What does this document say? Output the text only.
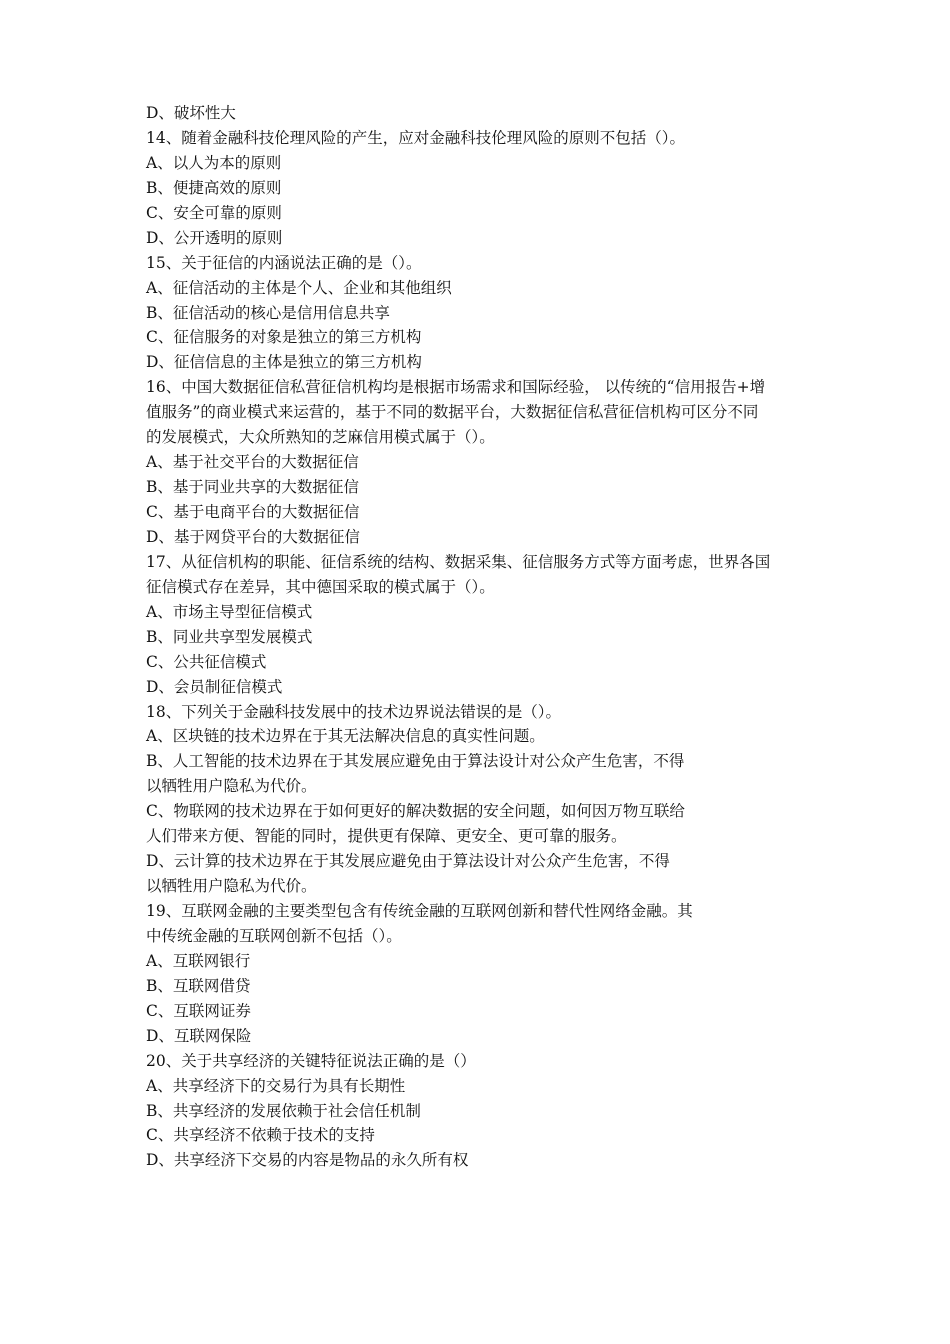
D、破坏性大
14、随着金融科技伦理风险的产生，应对金融科技伦理风险的原则不包括（）。
A、以人为本的原则
B、便捷高效的原则
C、安全可靠的原则
D、公开透明的原则
15、关于征信的内涵说法正确的是（）。
A、征信活动的主体是个人、企业和其他组织
B、征信活动的核心是信用信息共享
C、征信服务的对象是独立的第三方机构
D、征信信息的主体是独立的第三方机构
16、中国大数据征信私营征信机构均是根据市场需求和国际经验， 以传统的“信用报告+增
值服务”的商业模式来运营的，基于不同的数据平台，大数据征信私营征信机构可区分不同
的发展模式，大众所熟知的芝麻信用模式属于（）。
A、基于社交平台的大数据征信
B、基于同业共享的大数据征信
C、基于电商平台的大数据征信
D、基于网贷平台的大数据征信
17、从征信机构的职能、征信系统的结构、数据采集、征信服务方式等方面考虑，世界各国
征信模式存在差异，其中德国采取的模式属于（）。
A、市场主导型征信模式
B、同业共享型发展模式
C、公共征信模式
D、会员制征信模式
18、下列关于金融科技发展中的技术边界说法错误的是（）。
A、区块链的技术边界在于其无法解决信息的真实性问题。
B、人工智能的技术边界在于其发展应避免由于算法设计对公众产生危害，不得
以牺牲用户隐私为代价。
C、物联网的技术边界在于如何更好的解决数据的安全问题，如何因万物互联给
人们带来方便、智能的同时，提供更有保障、更安全、更可靠的服务。
D、云计算的技术边界在于其发展应避免由于算法设计对公众产生危害，不得
以牺牲用户隐私为代价。
19、互联网金融的主要类型包含有传统金融的互联网创新和替代性网络金融。其
中传统金融的互联网创新不包括（）。
A、互联网银行
B、互联网借贷
C、互联网证券
D、互联网保险
20、关于共享经济的关键特征说法正确的是（）
A、共享经济下的交易行为具有长期性
B、共享经济的发展依赖于社会信任机制
C、共享经济不依赖于技术的支持
D、共享经济下交易的内容是物品的永久所有权
